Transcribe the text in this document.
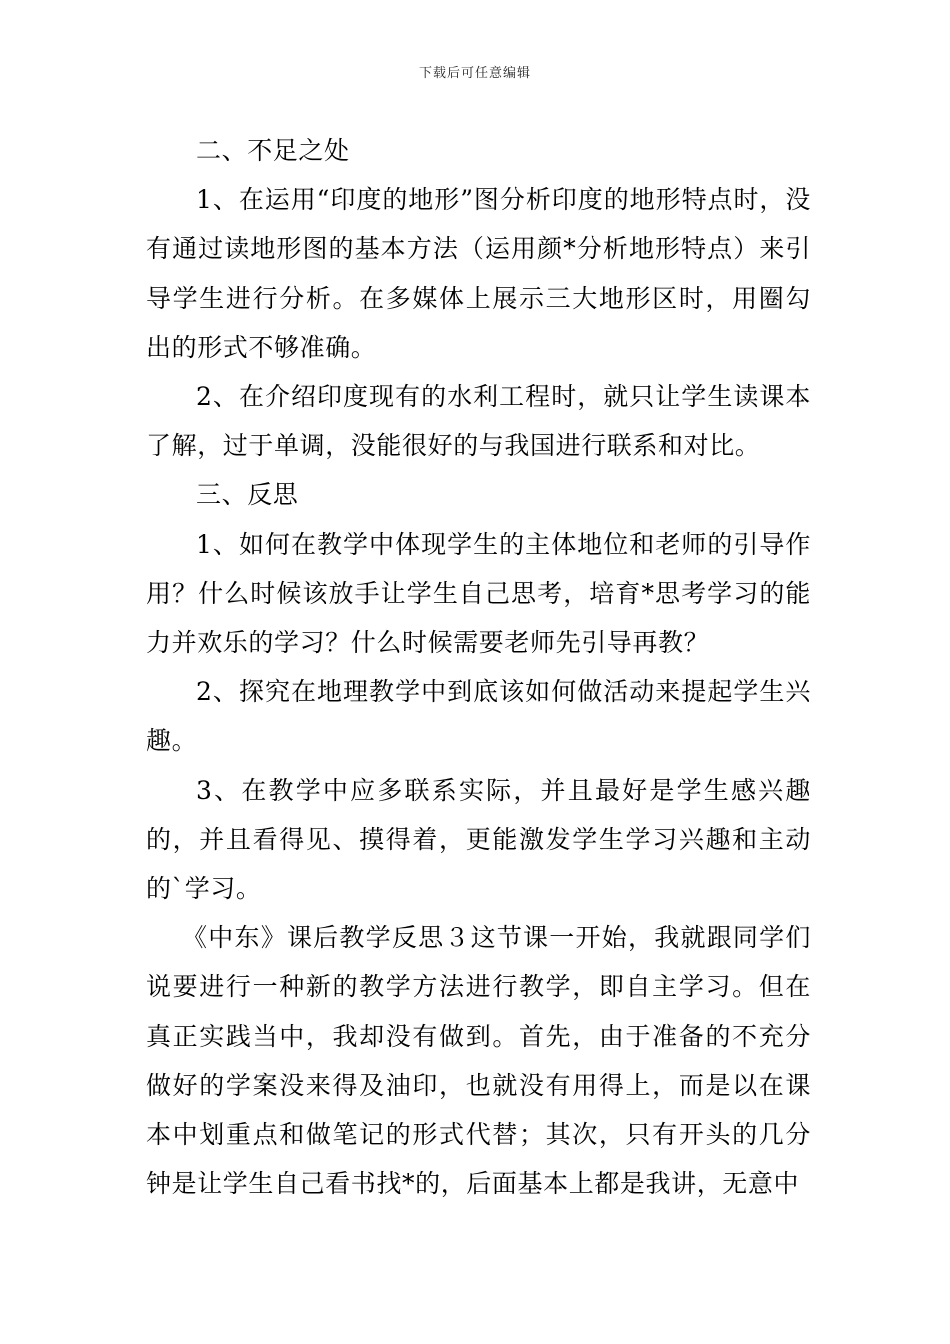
下载后可任意编辑

二、不足之处

1、在运用“印度的地形”图分析印度的地形特点时，没有通过读地形图的基本方法（运用颜*分析地形特点）来引导学生进行分析。在多媒体上展示三大地形区时，用圈勾出的形式不够准确。

2、在介绍印度现有的水利工程时，就只让学生读课本了解，过于单调，没能很好的与我国进行联系和对比。

三、反思

1、如何在教学中体现学生的主体地位和老师的引导作用？什么时候该放手让学生自己思考，培育*思考学习的能力并欢乐的学习？什么时候需要老师先引导再教？

2、探究在地理教学中到底该如何做活动来提起学生兴趣。

3、在教学中应多联系实际，并且最好是学生感兴趣的，并且看得见、摸得着，更能激发学生学习兴趣和主动的`学习。

《中东》课后教学反思３这节课一开始，我就跟同学们说要进行一种新的教学方法进行教学，即自主学习。但在真正实践当中，我却没有做到。首先，由于准备的不充分做好的学案没来得及油印，也就没有用得上，而是以在课本中划重点和做笔记的形式代替；其次，只有开头的几分钟是让学生自己看书找*的，后面基本上都是我讲，无意中
